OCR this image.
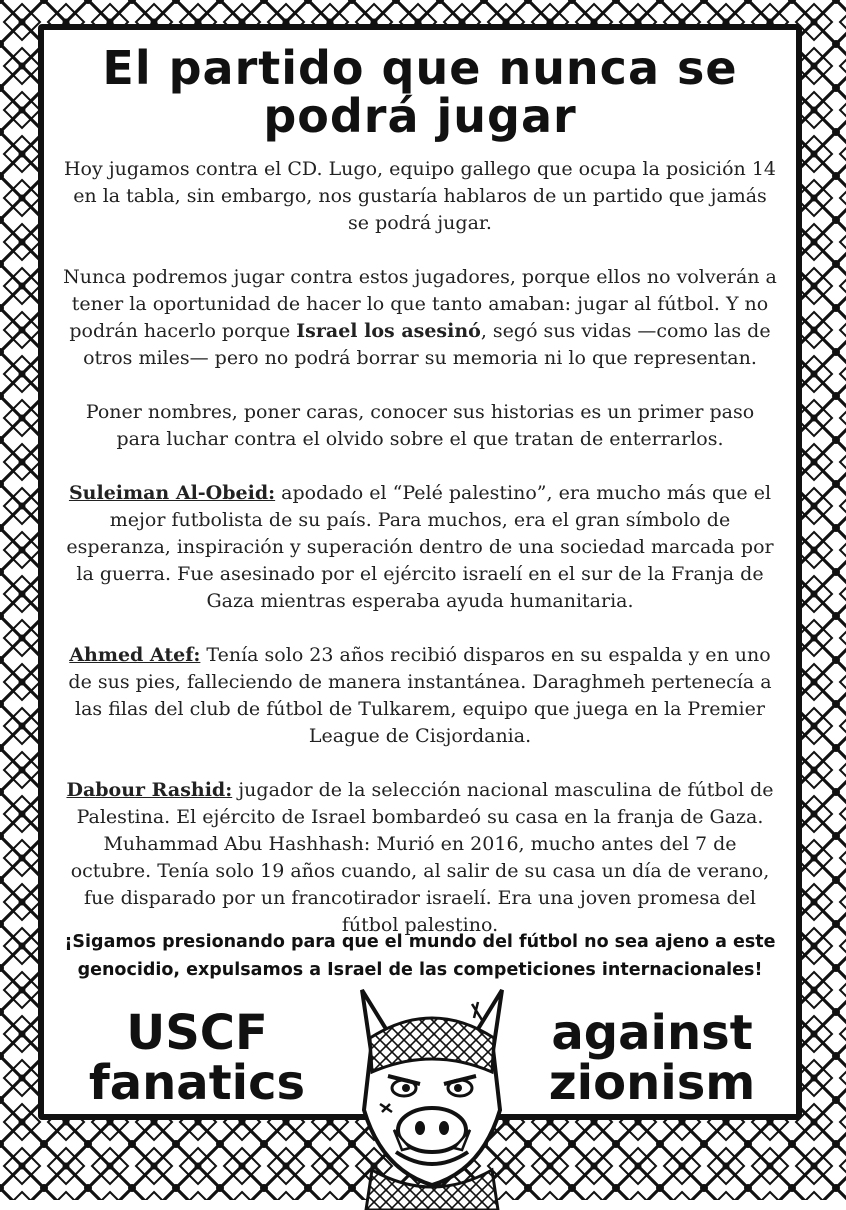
El partido que nunca se
podrá jugar

Hoy jugamos contra el CD. Lugo, equipo gallego que ocupa la posición 14 en la tabla, sin embargo, nos gustaría hablaros de un partido que jamás se podrá jugar.

Nunca podremos jugar contra estos jugadores, porque ellos no volverán a tener la oportunidad de hacer lo que tanto amaban: jugar al fútbol. Y no podrán hacerlo porque Israel los asesinó, segó sus vidas —como las de otros miles— pero no podrá borrar su memoria ni lo que representan.

Poner nombres, poner caras, conocer sus historias es un primer paso para luchar contra el olvido sobre el que tratan de enterrarlos.

Suleiman Al-Obeid: apodado el “Pelé palestino”, era mucho más que el mejor futbolista de su país. Para muchos, era el gran símbolo de esperanza, inspiración y superación dentro de una sociedad marcada por la guerra. Fue asesinado por el ejército israelí en el sur de la Franja de Gaza mientras esperaba ayuda humanitaria.

Ahmed Atef: Tenía solo 23 años recibió disparos en su espalda y en uno de sus pies, falleciendo de manera instantánea. Daraghmeh pertenecía a las filas del club de fútbol de Tulkarem, equipo que juega en la Premier League de Cisjordania.

Dabour Rashid: jugador de la selección nacional masculina de fútbol de Palestina. El ejército de Israel bombardeó su casa en la franja de Gaza. Muhammad Abu Hashhash: Murió en 2016, mucho antes del 7 de octubre. Tenía solo 19 años cuando, al salir de su casa un día de verano, fue disparado por un francotirador israelí. Era una joven promesa del fútbol palestino.

¡Sigamos presionando para que el mundo del fútbol no sea ajeno a este genocidio, expulsamos a Israel de las competiciones internacionales!
USCF
fanatics
against
zionism
